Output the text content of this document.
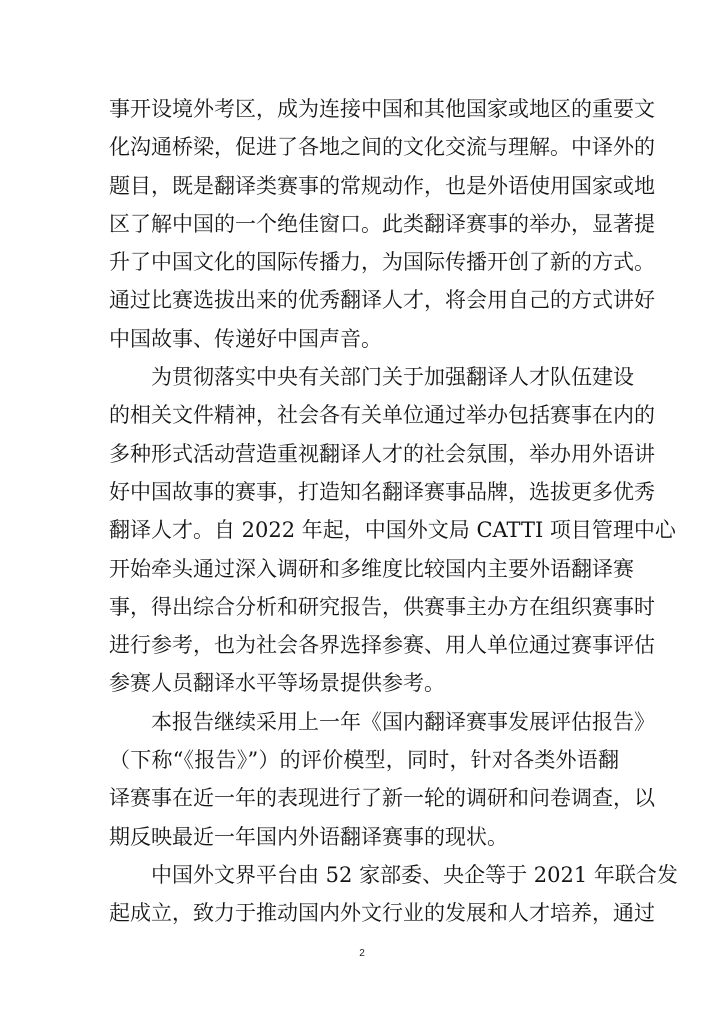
事开设境外考区，成为连接中国和其他国家或地区的重要文
化沟通桥梁，促进了各地之间的文化交流与理解。中译外的
题目，既是翻译类赛事的常规动作，也是外语使用国家或地
区了解中国的一个绝佳窗口。此类翻译赛事的举办，显著提
升了中国文化的国际传播力，为国际传播开创了新的方式。
通过比赛选拔出来的优秀翻译人才，将会用自己的方式讲好
中国故事、传递好中国声音。
为贯彻落实中央有关部门关于加强翻译人才队伍建设
的相关文件精神，社会各有关单位通过举办包括赛事在内的
多种形式活动营造重视翻译人才的社会氛围，举办用外语讲
好中国故事的赛事，打造知名翻译赛事品牌，选拔更多优秀
翻译人才。自 2022 年起，中国外文局 CATTI 项目管理中心
开始牵头通过深入调研和多维度比较国内主要外语翻译赛
事，得出综合分析和研究报告，供赛事主办方在组织赛事时
进行参考，也为社会各界选择参赛、用人单位通过赛事评估
参赛人员翻译水平等场景提供参考。
本报告继续采用上一年《国内翻译赛事发展评估报告》
（下称“《报告》”）的评价模型，同时，针对各类外语翻
译赛事在近一年的表现进行了新一轮的调研和问卷调查，以
期反映最近一年国内外语翻译赛事的现状。
中国外文界平台由 52 家部委、央企等于 2021 年联合发
起成立，致力于推动国内外文行业的发展和人才培养，通过
2
